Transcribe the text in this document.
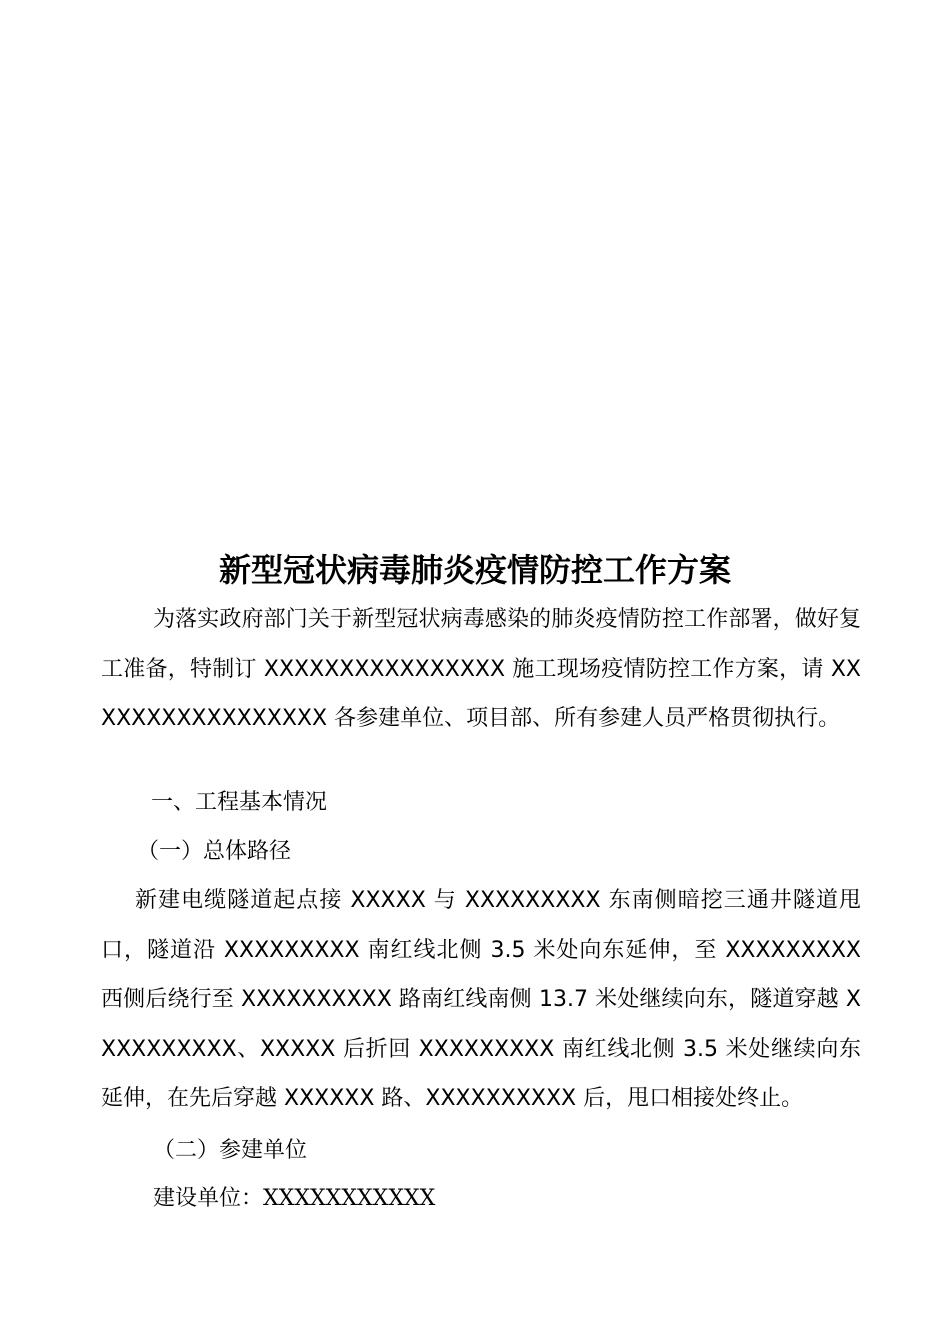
新型冠状病毒肺炎疫情防控工作方案
为落实政府部门关于新型冠状病毒感染的肺炎疫情防控工作部署，做好复工准备，特制订 XXXXXXXXXXXXXXXX 施工现场疫情防控工作方案，请 XXXXXXXXXXXXXXXXX 各参建单位、项目部、所有参建人员严格贯彻执行。
一、工程基本情况
（一）总体路径
新建电缆隧道起点接 XXXXX 与 XXXXXXXXX 东南侧暗挖三通井隧道甩口，隧道沿 XXXXXXXXX 南红线北侧 3.5 米处向东延伸，至 XXXXXXXXX 西侧后绕行至 XXXXXXXXXX 路南红线南侧 13.7 米处继续向东，隧道穿越 XXXXXXXXXX、XXXXX 后折回 XXXXXXXXX 南红线北侧 3.5 米处继续向东延伸，在先后穿越 XXXXXX 路、XXXXXXXXXX 后，甩口相接处终止。
（二）参建单位
建设单位：XXXXXXXXXXX
